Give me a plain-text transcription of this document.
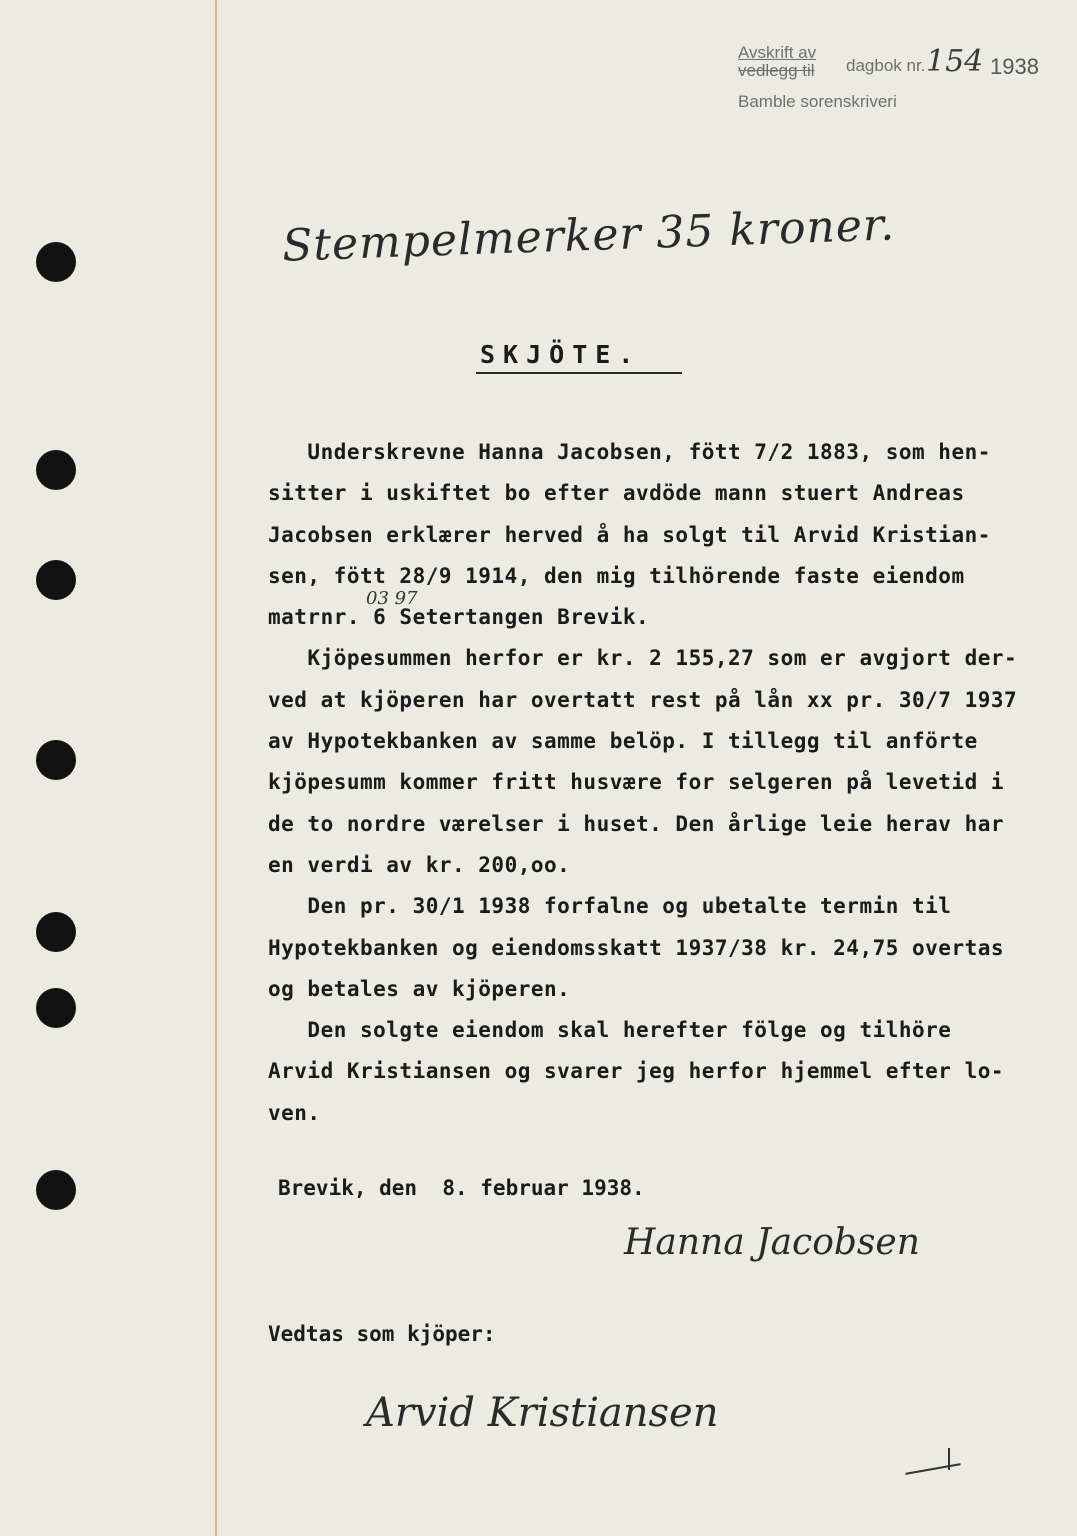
Avskrift av
vedlegg til dagbok nr. 154 1938
Bamble sorenskriveri
Stempelmerker 35 kroner.
SKJÖTE.
Underskrevne Hanna Jacobsen, fött 7/2 1883, som hen-
sitter i uskiftet bo efter avdöde mann stuert Andreas
Jacobsen erklærer herved å ha solgt til Arvid Kristian-
sen, fött 28/9 1914, den mig tilhörende faste eiendom
matrnr. 6 Setertangen Brevik.
Kjöpesummen herfor er kr. 2 155,27 som er avgjort der-
ved at kjöperen har overtatt rest på lån xx pr. 30/7 1937
av Hypotekbanken av samme belöp. I tillegg til anförte
kjöpesumm kommer fritt husvære for selgeren på levetid i
de to nordre værelser i huset. Den årlige leie herav har
en verdi av kr. 200,oo.
Den pr. 30/1 1938 forfalne og ubetalte termin til
Hypotekbanken og eiendomsskatt 1937/38 kr. 24,75 overtas
og betales av kjöperen.
Den solgte eiendom skal herefter fölge og tilhöre
Arvid Kristiansen og svarer jeg herfor hjemmel efter lo-
ven.
03 97
Brevik, den  8. februar 1938.
Hanna Jacobsen
Vedtas som kjöper:
Arvid Kristiansen
